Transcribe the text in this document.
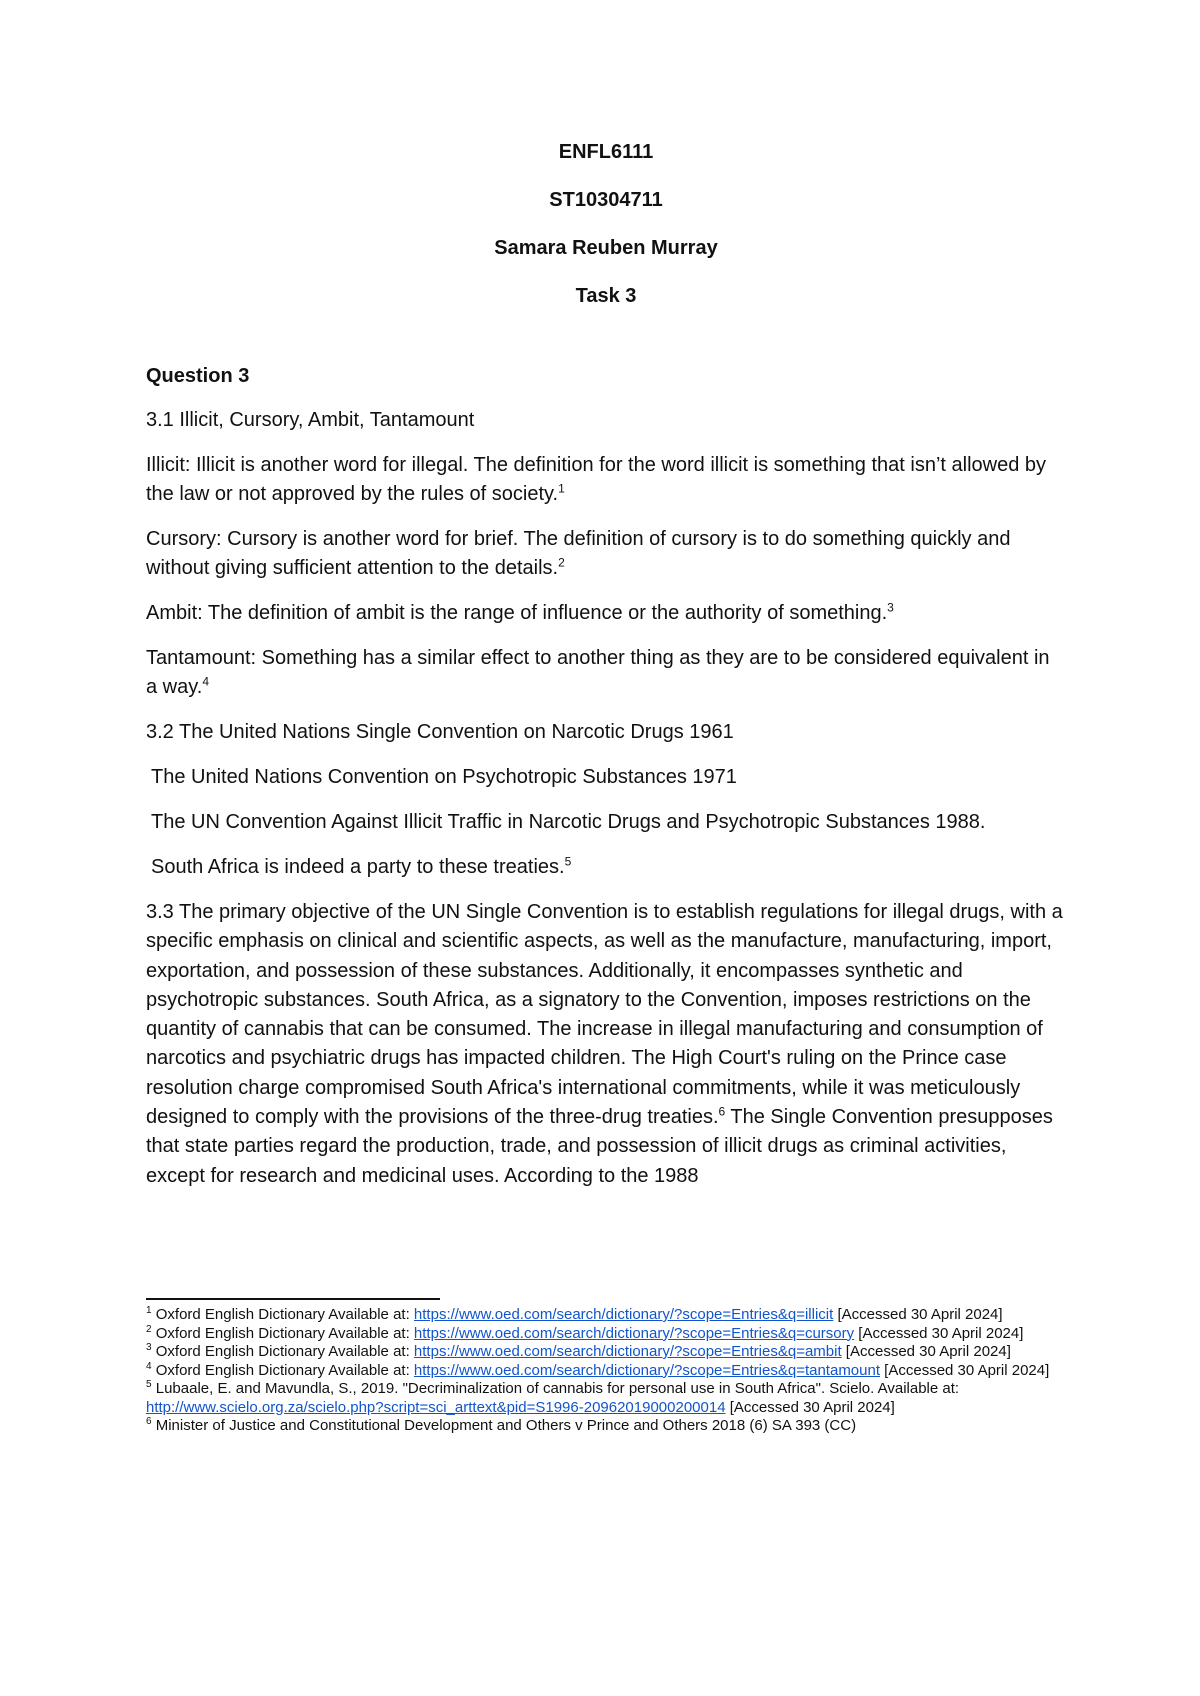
ENFL6111

ST10304711

Samara Reuben Murray

Task 3

Question 3

3.1 Illicit, Cursory, Ambit, Tantamount

Illicit: Illicit is another word for illegal. The definition for the word illicit is something that isn’t allowed by the law or not approved by the rules of society.$^1$

Cursory: Cursory is another word for brief. The definition of cursory is to do something quickly and without giving sufficient attention to the details.$^2$

Ambit: The definition of ambit is the range of influence or the authority of something.$^3$

Tantamount: Something has a similar effect to another thing as they are to be considered equivalent in a way.$^4$

3.2 The United Nations Single Convention on Narcotic Drugs 1961

The United Nations Convention on Psychotropic Substances 1971

The UN Convention Against Illicit Traffic in Narcotic Drugs and Psychotropic Substances 1988.

South Africa is indeed a party to these treaties.$^5$

3.3 The primary objective of the UN Single Convention is to establish regulations for illegal drugs, with a specific emphasis on clinical and scientific aspects, as well as the manufacture, manufacturing, import, exportation, and possession of these substances. Additionally, it encompasses synthetic and psychotropic substances. South Africa, as a signatory to the Convention, imposes restrictions on the quantity of cannabis that can be consumed. The increase in illegal manufacturing and consumption of narcotics and psychiatric drugs has impacted children. The High Court's ruling on the Prince case resolution charge compromised South Africa's international commitments, while it was meticulously designed to comply with the provisions of the three-drug treaties.$^6$ The Single Convention presupposes that state parties regard the production, trade, and possession of illicit drugs as criminal activities, except for research and medicinal uses. According to the 1988

$^1$ Oxford English Dictionary Available at: https://www.oed.com/search/dictionary/?scope=Entries&q=illicit [Accessed 30 April 2024]

$^2$ Oxford English Dictionary Available at: https://www.oed.com/search/dictionary/?scope=Entries&q=cursory [Accessed 30 April 2024]

$^3$ Oxford English Dictionary Available at: https://www.oed.com/search/dictionary/?scope=Entries&q=ambit [Accessed 30 April 2024]

$^4$ Oxford English Dictionary Available at: https://www.oed.com/search/dictionary/?scope=Entries&q=tantamount [Accessed 30 April 2024]

$^5$ Lubaale, E. and Mavundla, S., 2019. "Decriminalization of cannabis for personal use in South Africa". Scielo. Available at: http://www.scielo.org.za/scielo.php?script=sci_arttext&pid=S1996-20962019000200014 [Accessed 30 April 2024]

$^6$ Minister of Justice and Constitutional Development and Others v Prince and Others 2018 (6) SA 393 (CC)
